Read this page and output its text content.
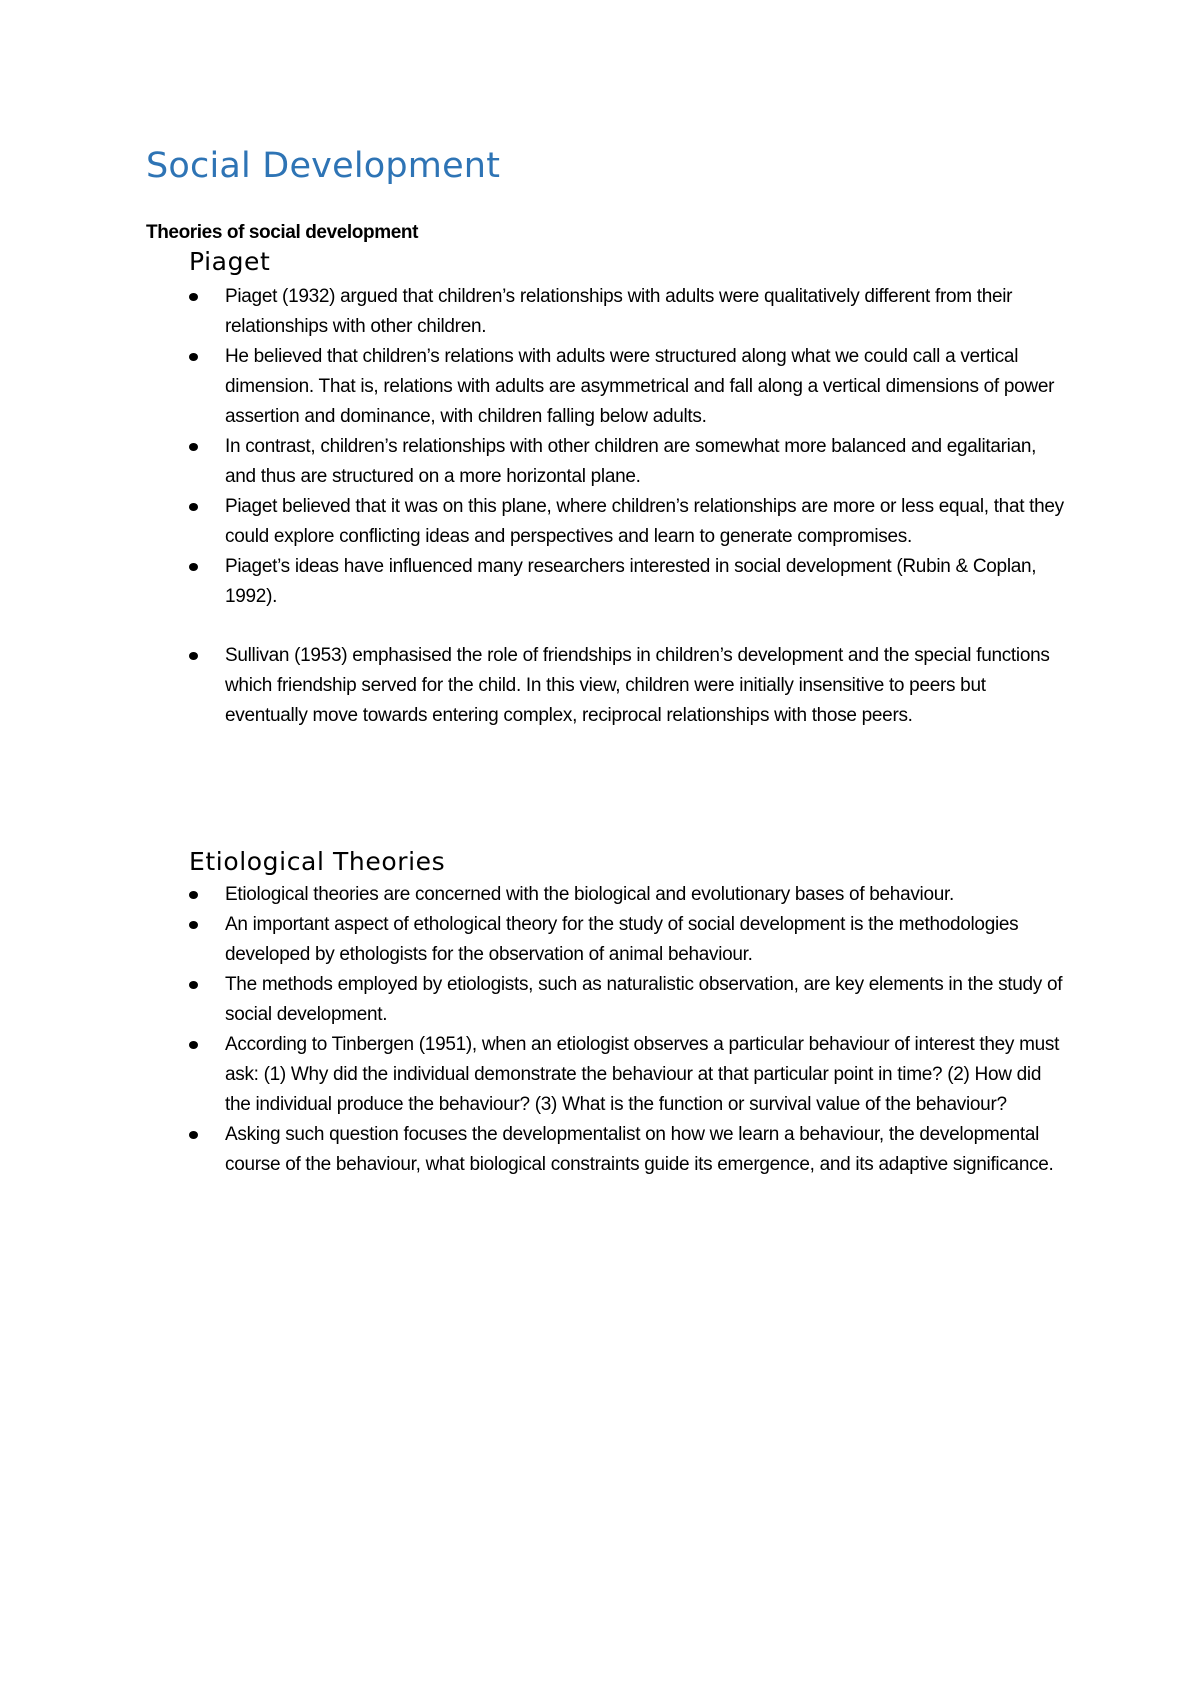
Social Development
Theories of social development
Piaget
Piaget (1932) argued that children’s relationships with adults were qualitatively different from their relationships with other children.
He believed that children’s relations with adults were structured along what we could call a vertical dimension. That is, relations with adults are asymmetrical and fall along a vertical dimensions of power assertion and dominance, with children falling below adults.
In contrast, children’s relationships with other children are somewhat more balanced and egalitarian, and thus are structured on a more horizontal plane.
Piaget believed that it was on this plane, where children’s relationships are more or less equal, that they could explore conflicting ideas and perspectives and learn to generate compromises.
Piaget’s ideas have influenced many researchers interested in social development (Rubin & Coplan, 1992).
Sullivan (1953) emphasised the role of friendships in children’s development and the special functions which friendship served for the child. In this view, children were initially insensitive to peers but eventually move towards entering complex, reciprocal relationships with those peers.
Etiological Theories
Etiological theories are concerned with the biological and evolutionary bases of behaviour.
An important aspect of ethological theory for the study of social development is the methodologies developed by ethologists for the observation of animal behaviour.
The methods employed by etiologists, such as naturalistic observation, are key elements in the study of social development.
According to Tinbergen (1951), when an etiologist observes a particular behaviour of interest they must ask: (1) Why did the individual demonstrate the behaviour at that particular point in time? (2) How did the individual produce the behaviour? (3) What is the function or survival value of the behaviour?
Asking such question focuses the developmentalist on how we learn a behaviour, the developmental course of the behaviour, what biological constraints guide its emergence, and its adaptive significance.
